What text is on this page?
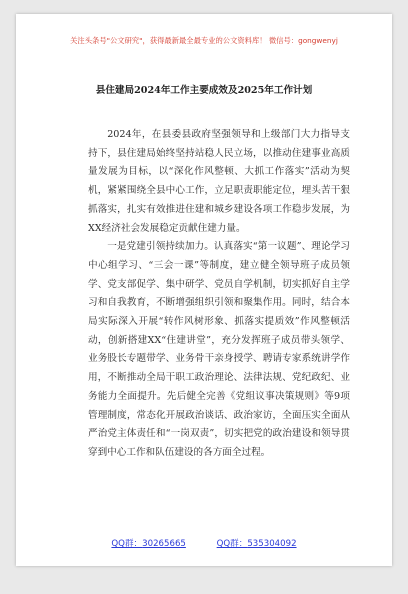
关注头条号"公文研究"，获得最新最全最专业的公文资料库！ 微信号：gongwenyj
县住建局2024年工作主要成效及2025年工作计划

2024年，在县委县政府坚强领导和上级部门大力指导支持下，县住建局始终坚持站稳人民立场，以推动住建事业高质量发展为目标，以“深化作风整顿、大抓工作落实”活动为契机，紧紧围绕全县中心工作，立足职责职能定位，埋头苦干狠抓落实，扎实有效推进住建和城乡建设各项工作稳步发展，为XX经济社会发展稳定贡献住建力量。

一是党建引领持续加力。认真落实“第一议题”、理论学习中心组学习、“三会一课”等制度，建立健全领导班子成员领学、党支部促学、集中研学、党员自学机制，切实抓好自主学习和自我教育，不断增强组织引领和聚集作用。同时，结合本局实际深入开展“转作风树形象、抓落实提质效”作风整顿活动，创新搭建XX“住建讲堂”，充分发挥班子成员带头领学、业务股长专题带学、业务骨干亲身授学、聘请专家系统讲学作用，不断推动全局干职工政治理论、法律法规、党纪政纪、业务能力全面提升。先后健全完善《党组议事决策规则》等9项管理制度，常态化开展政治谈话、政治家访，全面压实全面从严治党主体责任和“一岗双责”，切实把党的政治建设和领导贯穿到中心工作和队伍建设的各方面全过程。

QQ群：30265665	QQ群：535304092
